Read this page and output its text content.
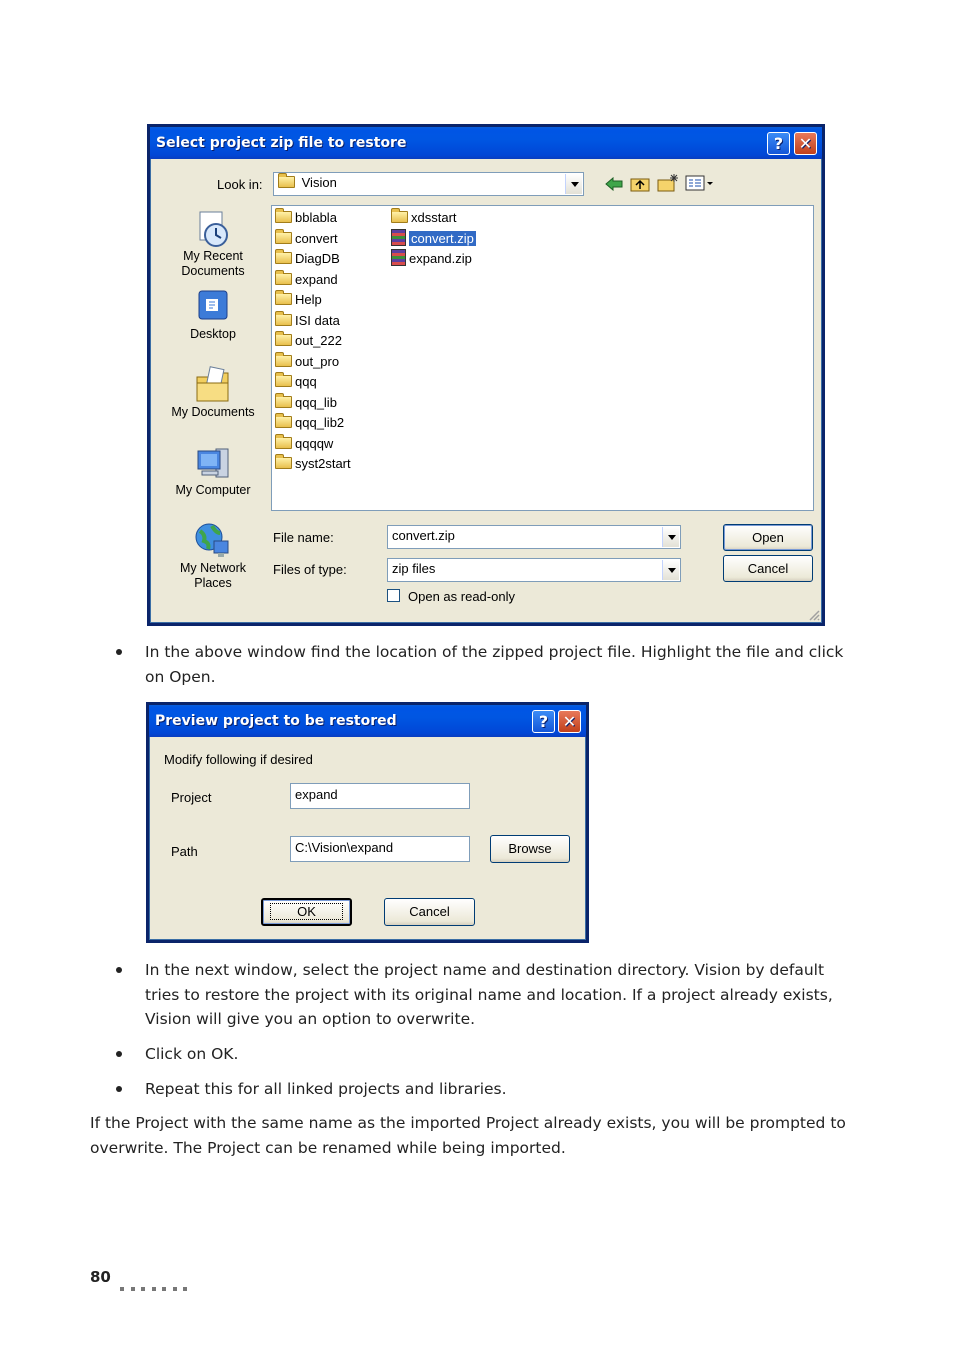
Select project zip file to restore	? ✕
Look in:	Vision
My Recent
Documents
Desktop
My Documents
My Computer
My Network
Places
bblabla
convert
DiagDB
expand
Help
ISI data
out_222
out_pro
qqq
qqq_lib
qqq_lib2
qqqqw
syst2start
xdsstart
convert.zip
expand.zip
File name:	convert.zip
Files of type:	zip files
Open
Cancel
Open as read-only
In the above window find the location of the zipped project file. Highlight the file and click on Open.
Preview project to be restored	? ✕
Modify following if desired
Project	expand
Path	C:\Vision\expand	Browse
OK	Cancel
In the next window, select the project name and destination directory. Vision by default tries to restore the project with its original name and location. If a project already exists, Vision will give you an option to overwrite.
Click on OK.
Repeat this for all linked projects and libraries.
If the Project with the same name as the imported Project already exists, you will be prompted to overwrite. The Project can be renamed while being imported.
80
